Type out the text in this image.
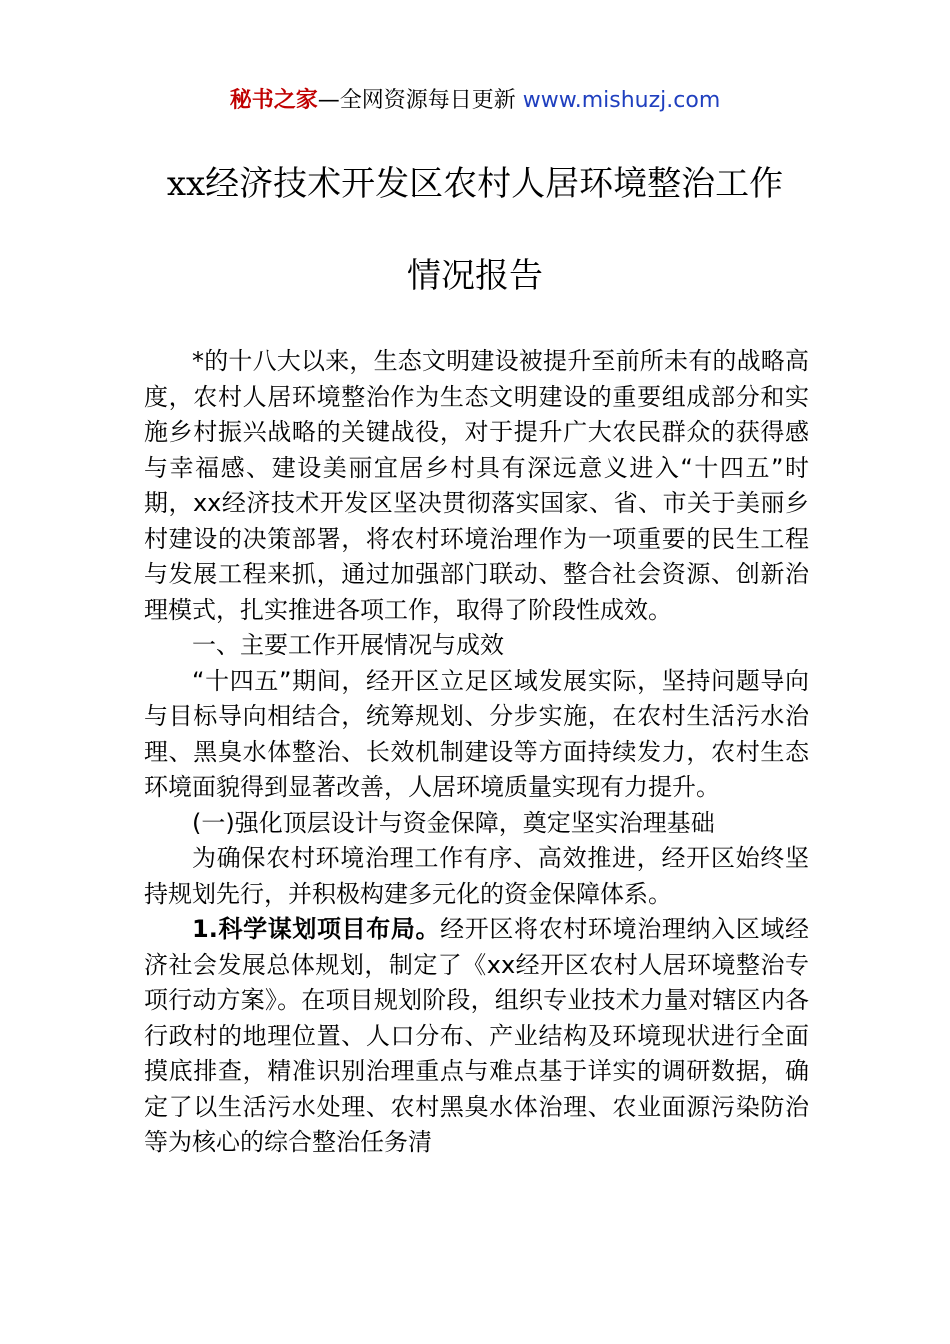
秘书之家—全网资源每日更新 www.mishuzj.com
xx经济技术开发区农村人居环境整治工作
情况报告

*的十八大以来，生态文明建设被提升至前所未有的战略高度，农村人居环境整治作为生态文明建设的重要组成部分和实施乡村振兴战略的关键战役，对于提升广大农民群众的获得感与幸福感、建设美丽宜居乡村具有深远意义进入“十四五”时期，xx经济技术开发区坚决贯彻落实国家、省、市关于美丽乡村建设的决策部署，将农村环境治理作为一项重要的民生工程与发展工程来抓，通过加强部门联动、整合社会资源、创新治理模式，扎实推进各项工作，取得了阶段性成效。

一、主要工作开展情况与成效

“十四五”期间，经开区立足区域发展实际，坚持问题导向与目标导向相结合，统筹规划、分步实施，在农村生活污水治理、黑臭水体整治、长效机制建设等方面持续发力，农村生态环境面貌得到显著改善，人居环境质量实现有力提升。

(一)强化顶层设计与资金保障，奠定坚实治理基础

为确保农村环境治理工作有序、高效推进，经开区始终坚持规划先行，并积极构建多元化的资金保障体系。

1.科学谋划项目布局。经开区将农村环境治理纳入区域经济社会发展总体规划，制定了《xx经开区农村人居环境整治专项行动方案》。在项目规划阶段，组织专业技术力量对辖区内各行政村的地理位置、人口分布、产业结构及环境现状进行全面摸底排查，精准识别治理重点与难点基于详实的调研数据，确定了以生活污水处理、农村黑臭水体治理、农业面源污染防治等为核心的综合整治任务清
